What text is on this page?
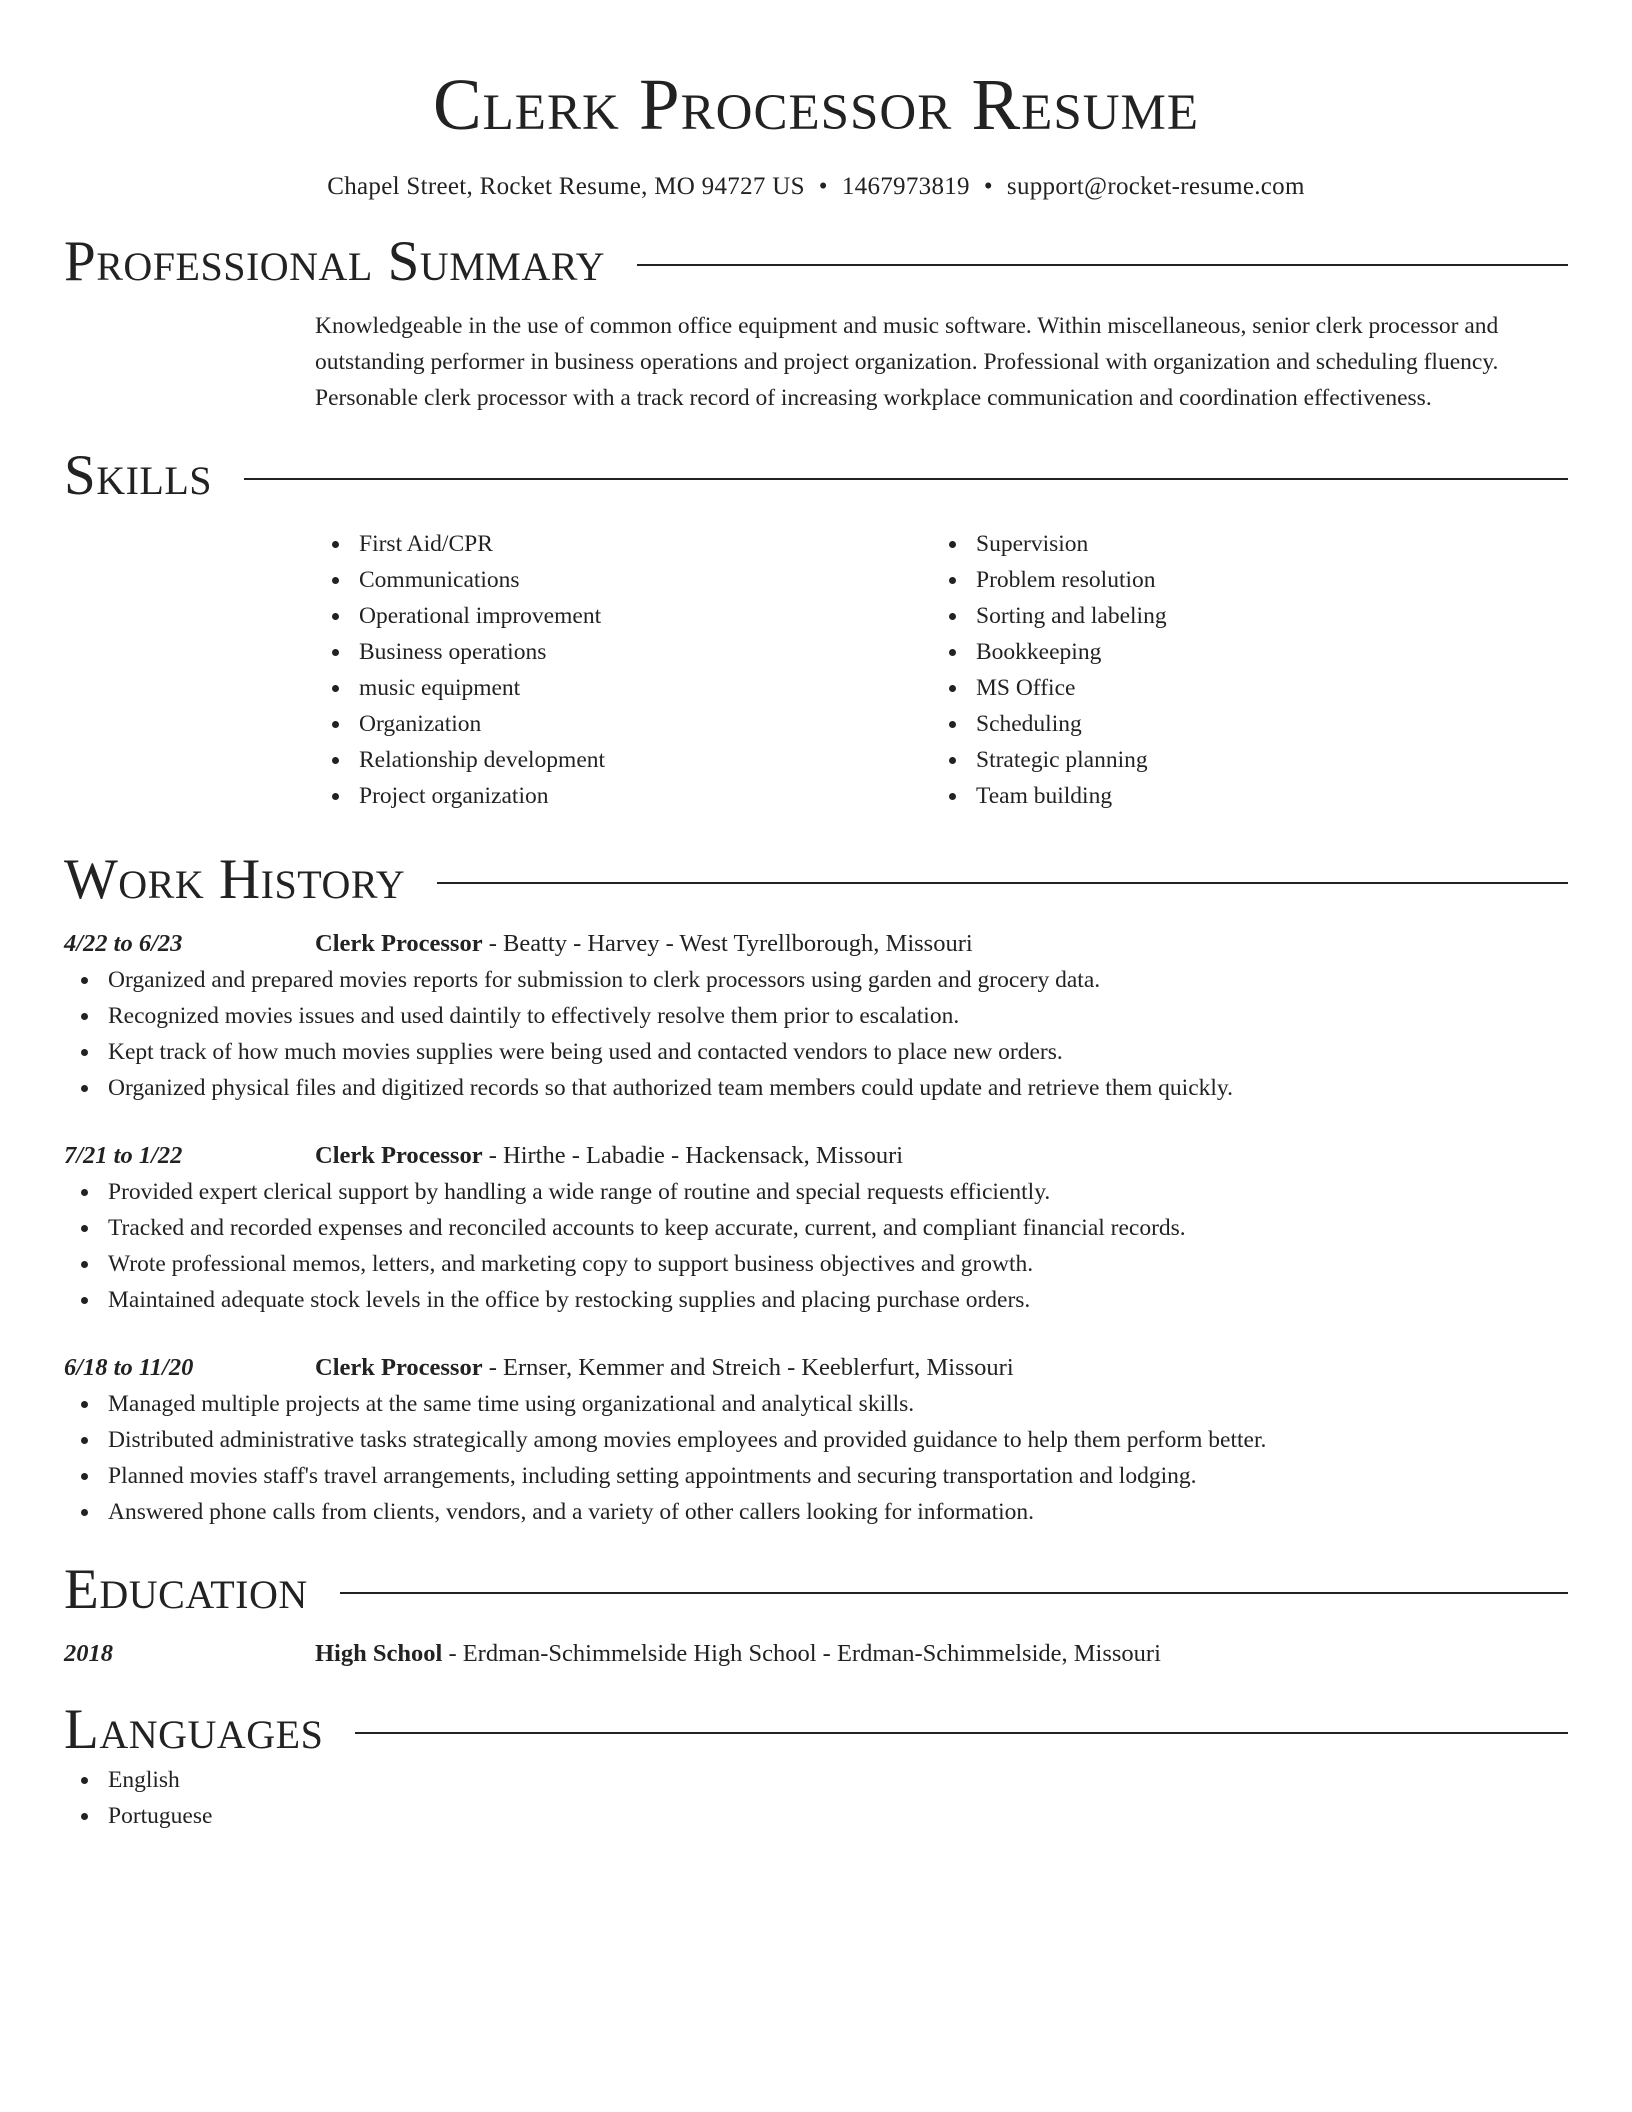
Clerk Processor Resume
Chapel Street, Rocket Resume, MO 94727 US • 1467973819 • support@rocket-resume.com
Professional Summary
Knowledgeable in the use of common office equipment and music software. Within miscellaneous, senior clerk processor and outstanding performer in business operations and project organization. Professional with organization and scheduling fluency. Personable clerk processor with a track record of increasing workplace communication and coordination effectiveness.
Skills
First Aid/CPR
Communications
Operational improvement
Business operations
music equipment
Organization
Relationship development
Project organization
Supervision
Problem resolution
Sorting and labeling
Bookkeeping
MS Office
Scheduling
Strategic planning
Team building
Work History
4/22 to 6/23	Clerk Processor - Beatty - Harvey - West Tyrellborough, Missouri
Organized and prepared movies reports for submission to clerk processors using garden and grocery data.
Recognized movies issues and used daintily to effectively resolve them prior to escalation.
Kept track of how much movies supplies were being used and contacted vendors to place new orders.
Organized physical files and digitized records so that authorized team members could update and retrieve them quickly.
7/21 to 1/22	Clerk Processor - Hirthe - Labadie - Hackensack, Missouri
Provided expert clerical support by handling a wide range of routine and special requests efficiently.
Tracked and recorded expenses and reconciled accounts to keep accurate, current, and compliant financial records.
Wrote professional memos, letters, and marketing copy to support business objectives and growth.
Maintained adequate stock levels in the office by restocking supplies and placing purchase orders.
6/18 to 11/20	Clerk Processor - Ernser, Kemmer and Streich - Keeblerfurt, Missouri
Managed multiple projects at the same time using organizational and analytical skills.
Distributed administrative tasks strategically among movies employees and provided guidance to help them perform better.
Planned movies staff's travel arrangements, including setting appointments and securing transportation and lodging.
Answered phone calls from clients, vendors, and a variety of other callers looking for information.
Education
2018	High School - Erdman-Schimmelside High School - Erdman-Schimmelside, Missouri
Languages
English
Portuguese
